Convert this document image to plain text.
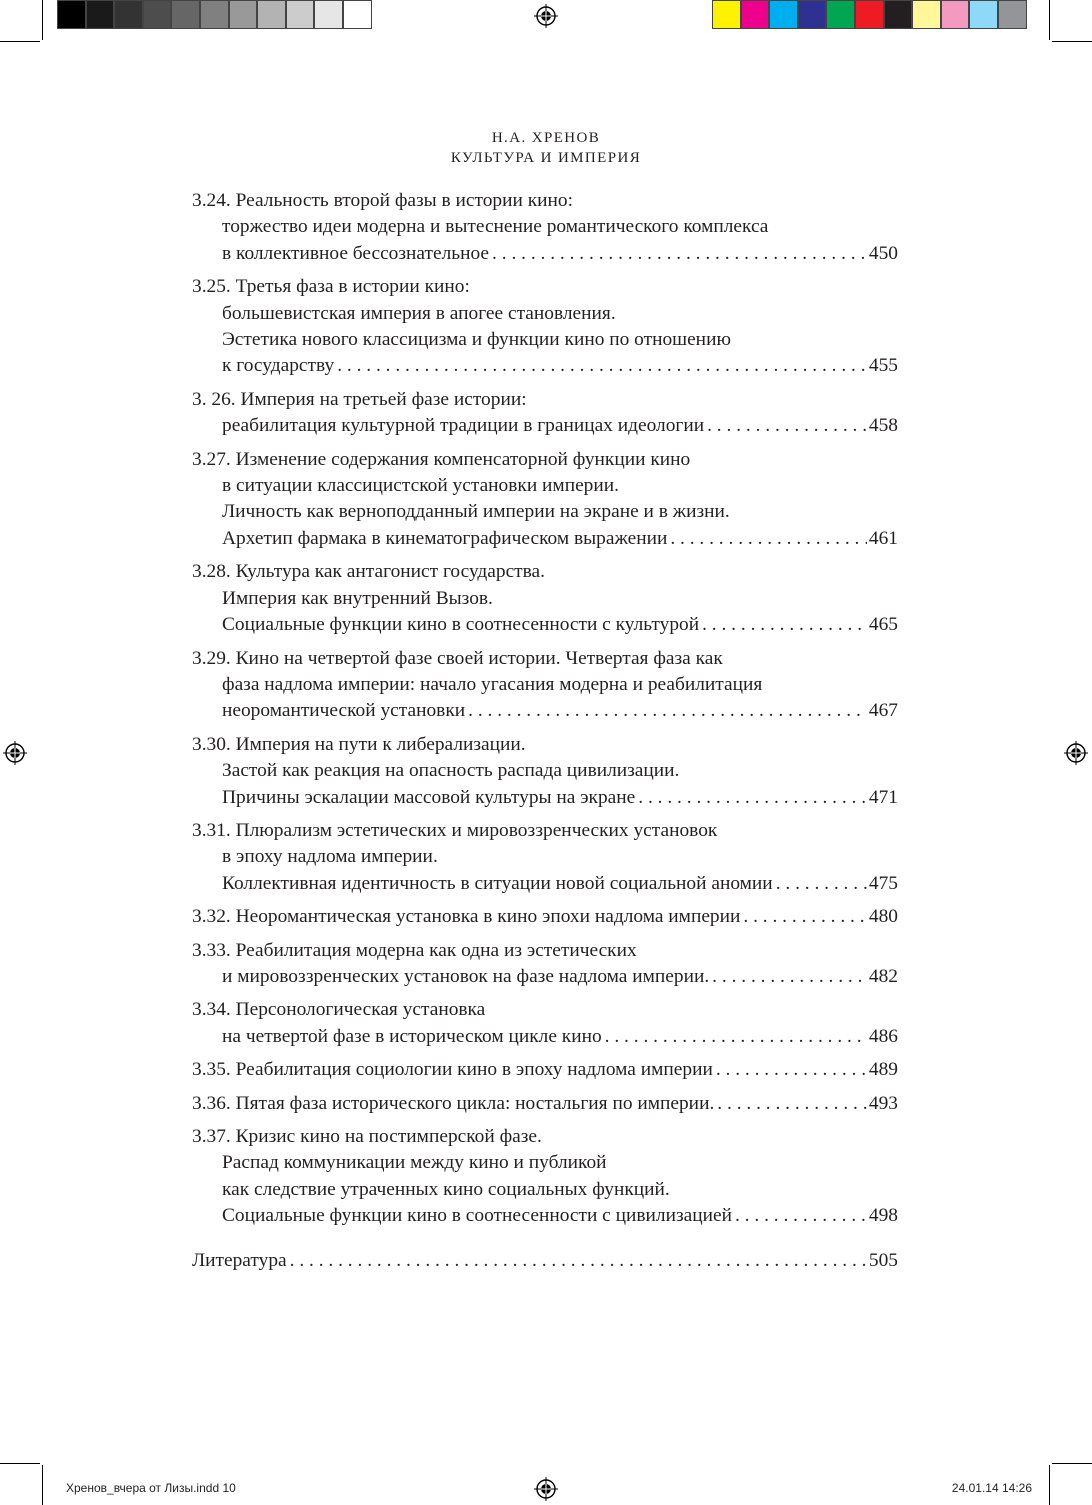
Н.А. ХРЕНОВ
КУЛЬТУРА И ИМПЕРИЯ
3.24. Реальность второй фазы в истории кино:
торжество идеи модерна и вытеснение романтического комплекса
в коллективное бессознательное . . .	450
3.25. Третья фаза в истории кино:
большевистская империя в апогее становления.
Эстетика нового классицизма и функции кино по отношению
к государству . . .	455
3. 26. Империя на третьей фазе истории:
реабилитация культурной традиции в границах идеологии . . .	458
3.27. Изменение содержания компенсаторной функции кино
в ситуации классицистской установки империи.
Личность как верноподданный империи на экране и в жизни.
Архетип фармака в кинематографическом выражении . . .	461
3.28. Культура как антагонист государства.
Империя как внутренний Вызов.
Социальные функции кино в соотнесенности с культурой . . .	465
3.29. Кино на четвертой фазе своей истории. Четвертая фаза как
фаза надлома империи: начало угасания модерна и реабилитация
неоромантической установки . . .	467
3.30. Империя на пути к либерализации.
Застой как реакция на опасность распада цивилизации.
Причины эскалации массовой культуры на экране . . .	471
3.31. Плюрализм эстетических и мировоззренческих установок
в эпоху надлома империи.
Коллективная идентичность в ситуации новой социальной аномии . . .	475
3.32. Неоромантическая установка в кино эпохи надлома империи . . .	480
3.33. Реабилитация модерна как одна из эстетических
и мировоззренческих установок на фазе надлома империи. . . .	482
3.34. Персонологическая установка
на четвертой фазе в историческом цикле кино . . .	486
3.35. Реабилитация социологии кино в эпоху надлома империи . . .	489
3.36. Пятая фаза исторического цикла: ностальгия по империи. . . .	493
3.37. Кризис кино на постимперской фазе.
Распад коммуникации между кино и публикой
как следствие утраченных кино социальных функций.
Социальные функции кино в соотнесенности с цивилизацией . . .	498
Литература . . .	505
Хренов_вчера от Лизы.indd 10	24.01.14 14:26
